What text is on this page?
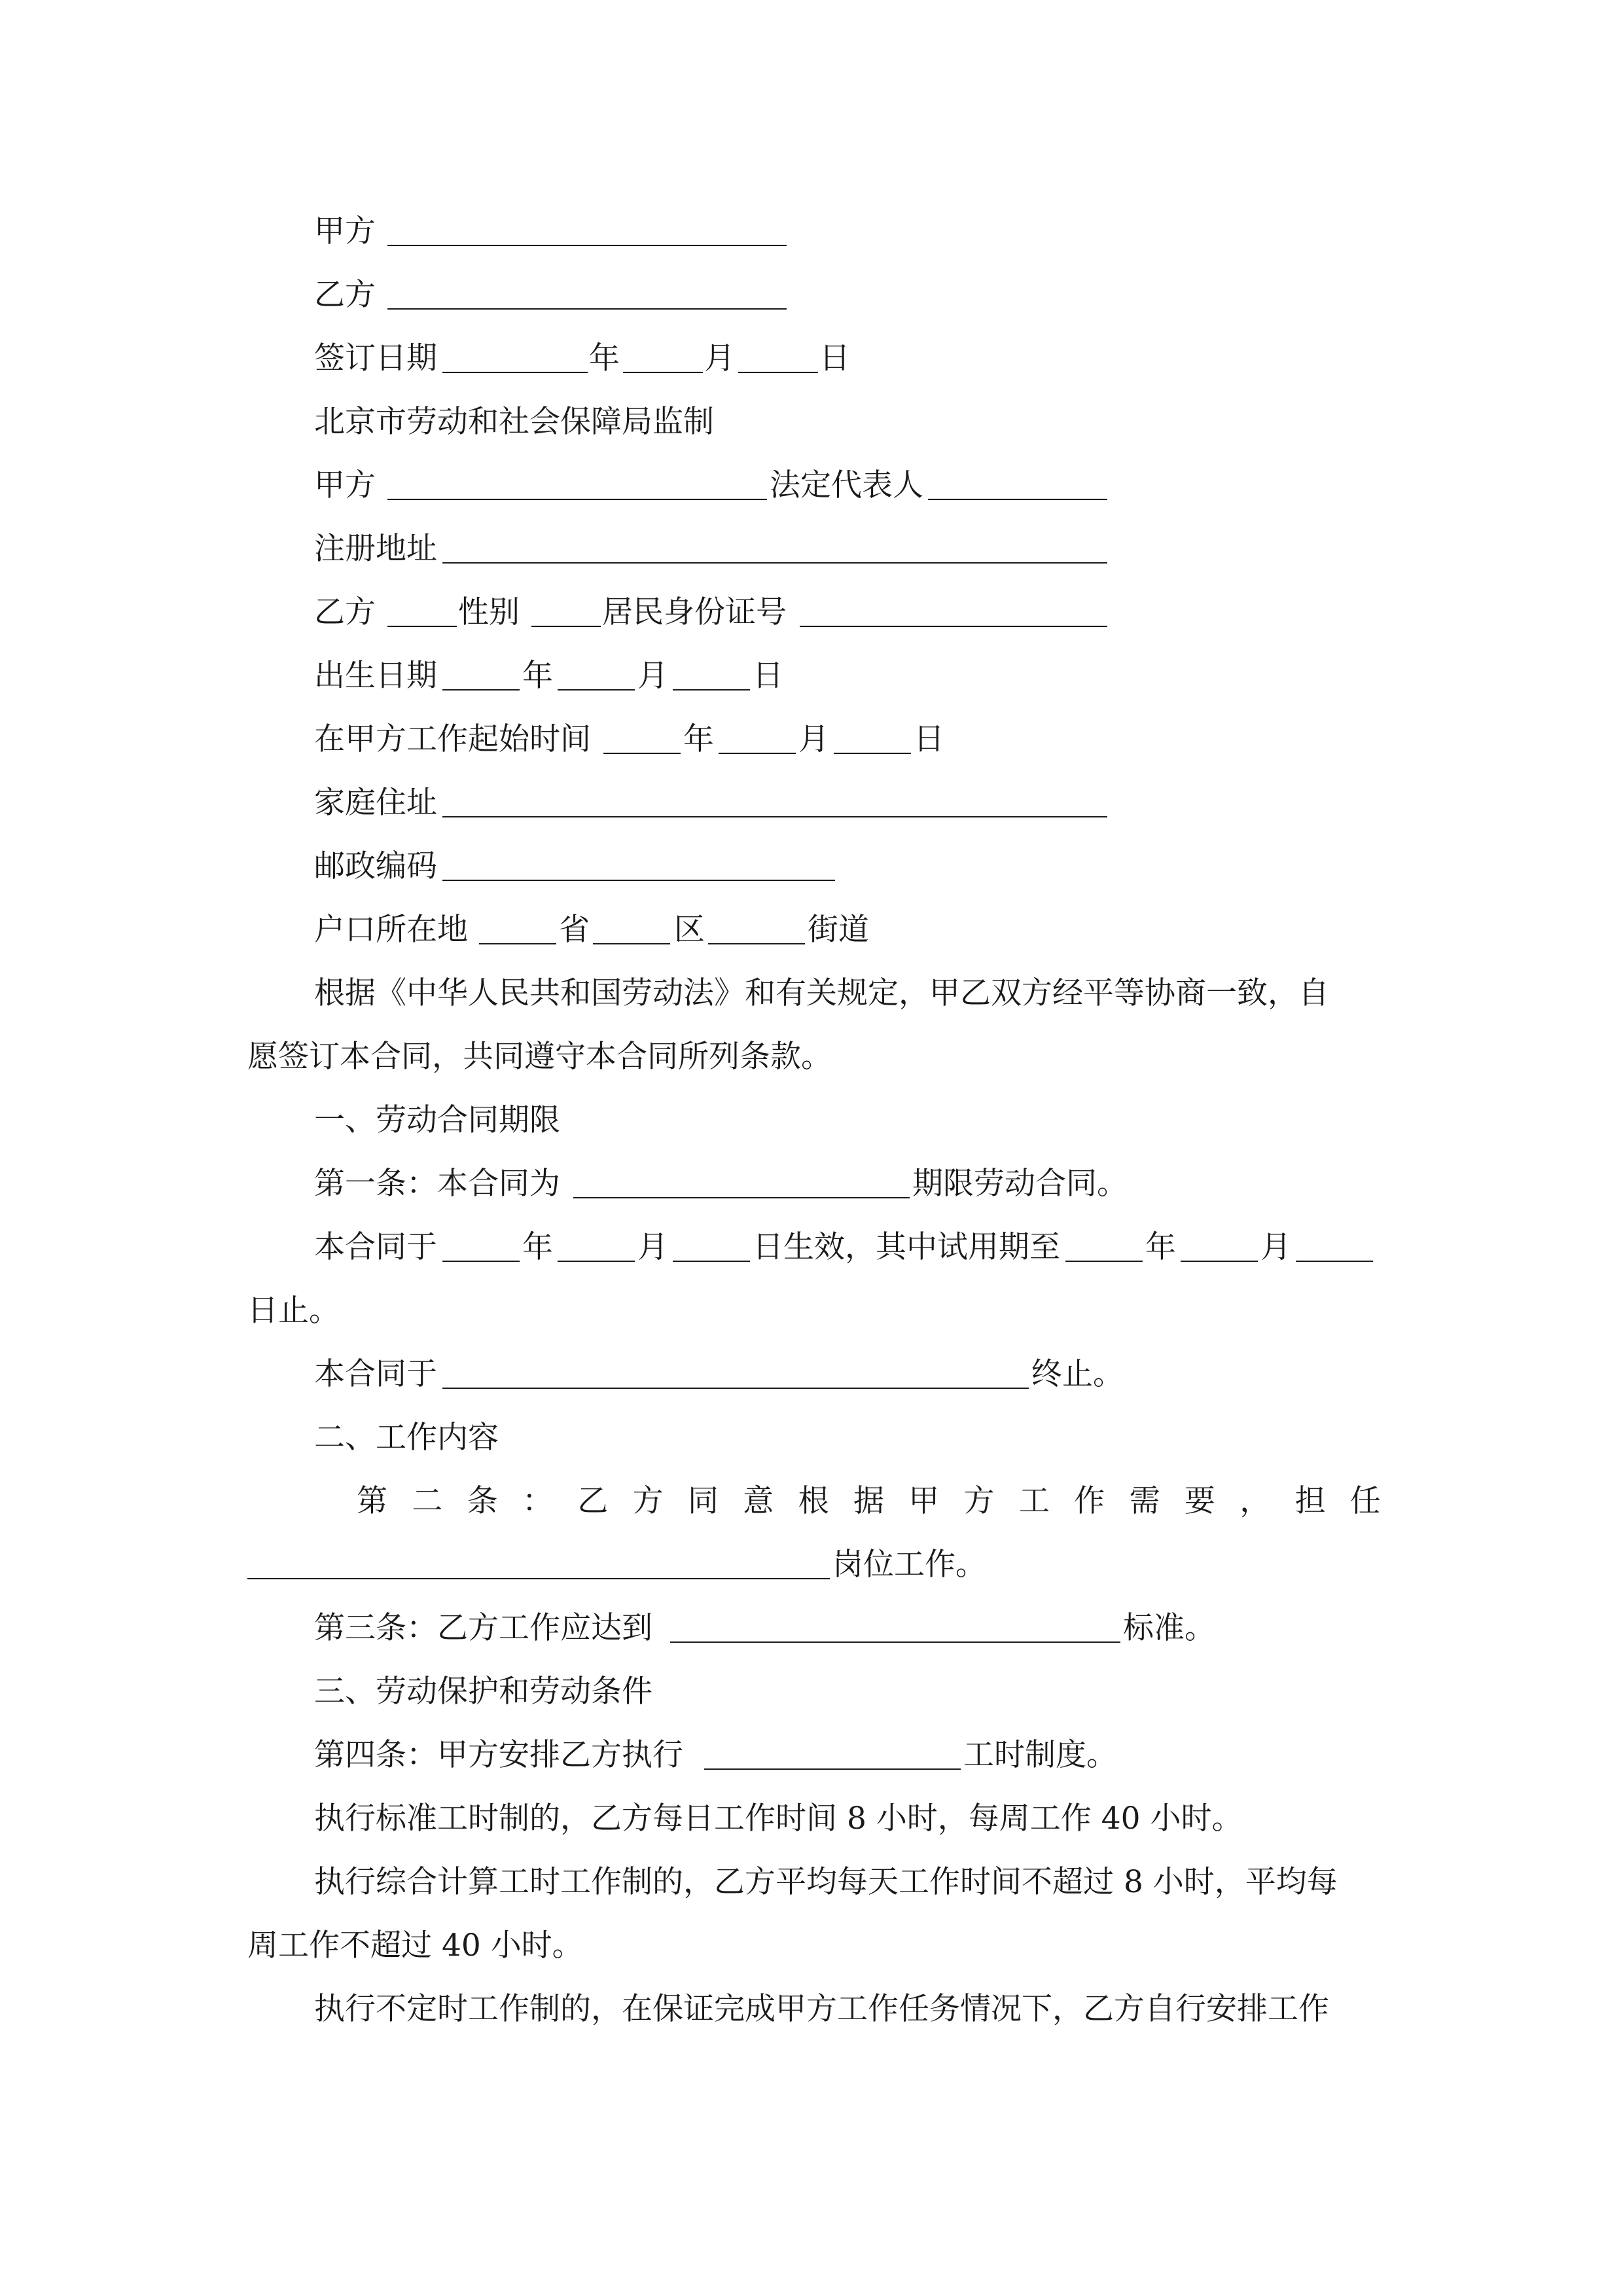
甲方
乙方
签订日期	年	月	日
北京市劳动和社会保障局监制
甲方	法定代表人
注册地址
乙方	性别	居民身份证号
出生日期	年	月	日
在甲方工作起始时间	年	月	日
家庭住址
邮政编码
户口所在地	省	区	街道
根据《中华人民共和国劳动法》和有关规定，甲乙双方经平等协商一致，自
愿签订本合同，共同遵守本合同所列条款。
一、劳动合同期限
第一条：本合同为	期限劳动合同。
本合同于	年	月	日生效，其中试用期至	年	月
日止。
本合同于	终止。
二、工作内容
第 二 条 ： 乙 方 同 意 根 据 甲 方 工 作 需 要 ， 担 任
岗位工作。
第三条：乙方工作应达到	标准。
三、劳动保护和劳动条件
第四条：甲方安排乙方执行	工时制度。
执行标准工时制的，乙方每日工作时间 8 小时，每周工作 40 小时。
执行综合计算工时工作制的，乙方平均每天工作时间不超过 8 小时，平均每
周工作不超过 40 小时。
执行不定时工作制的，在保证完成甲方工作任务情况下，乙方自行安排工作
